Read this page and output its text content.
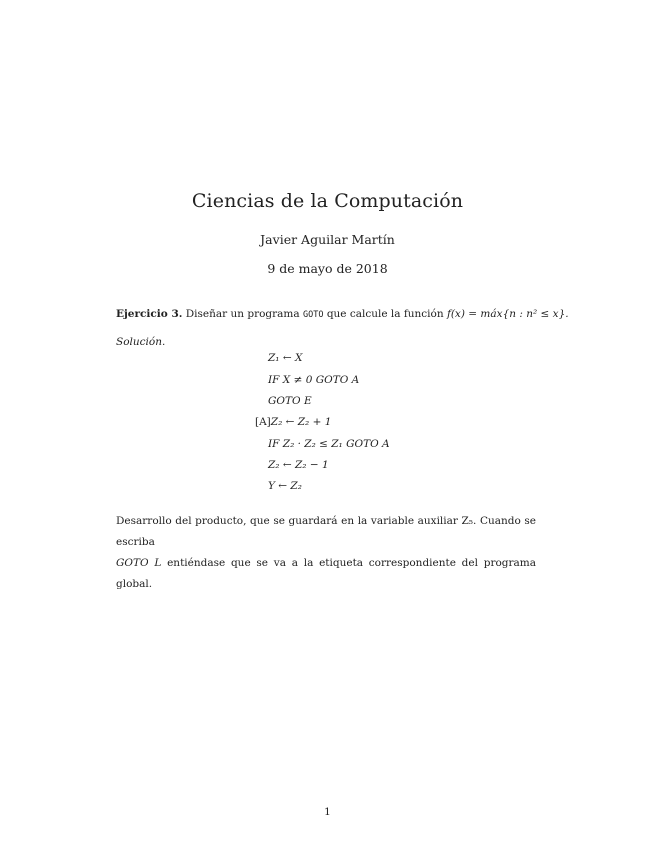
Ciencias de la Computación
Javier Aguilar Martín
9 de mayo de 2018
Ejercicio 3. Diseñar un programa GOTO que calcule la función f(x) = máx{n : n² ≤ x}.
Solución.
Z₁ ← X
IF X ≠ 0 GOTO A
GOTO E
[A]Z₂ ← Z₂ + 1
IF Z₂ · Z₂ ≤ Z₁ GOTO A
Z₂ ← Z₂ − 1
Y ← Z₂
Desarrollo del producto, que se guardará en la variable auxiliar Z₅. Cuando se escriba
GOTO L entiéndase que se va a la etiqueta correspondiente del programa global.
1
